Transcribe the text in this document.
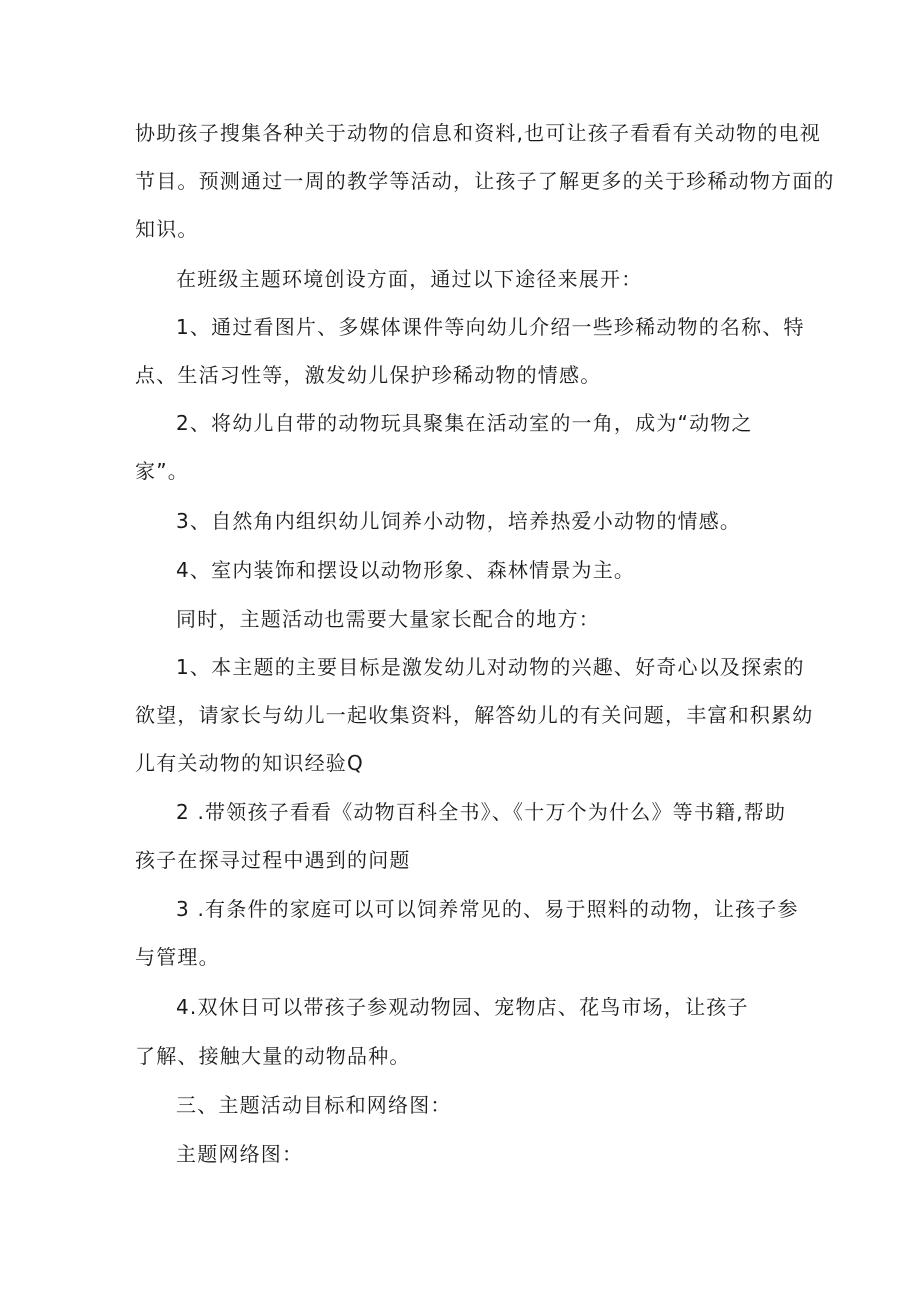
协助孩子搜集各种关于动物的信息和资料,也可让孩子看看有关动物的电视
节目。预测通过一周的教学等活动，让孩子了解更多的关于珍稀动物方面的
知识。
在班级主题环境创设方面，通过以下途径来展开：
1、通过看图片、多媒体课件等向幼儿介绍一些珍稀动物的名称、特
点、生活习性等，激发幼儿保护珍稀动物的情感。
2、将幼儿自带的动物玩具聚集在活动室的一角，成为“动物之
家”。
3、自然角内组织幼儿饲养小动物，培养热爱小动物的情感。
4、室内装饰和摆设以动物形象、森林情景为主。
同时，主题活动也需要大量家长配合的地方：
1、本主题的主要目标是激发幼儿对动物的兴趣、好奇心以及探索的
欲望，请家长与幼儿一起收集资料，解答幼儿的有关问题，丰富和积累幼
儿有关动物的知识经验Q
2 .带领孩子看看《动物百科全书》、《十万个为什么》等书籍,帮助
孩子在探寻过程中遇到的问题
3 .有条件的家庭可以可以饲养常见的、易于照料的动物，让孩子参
与管理。
4.双休日可以带孩子参观动物园、宠物店、花鸟市场，让孩子
了解、接触大量的动物品种。
三、主题活动目标和网络图：
主题网络图：
